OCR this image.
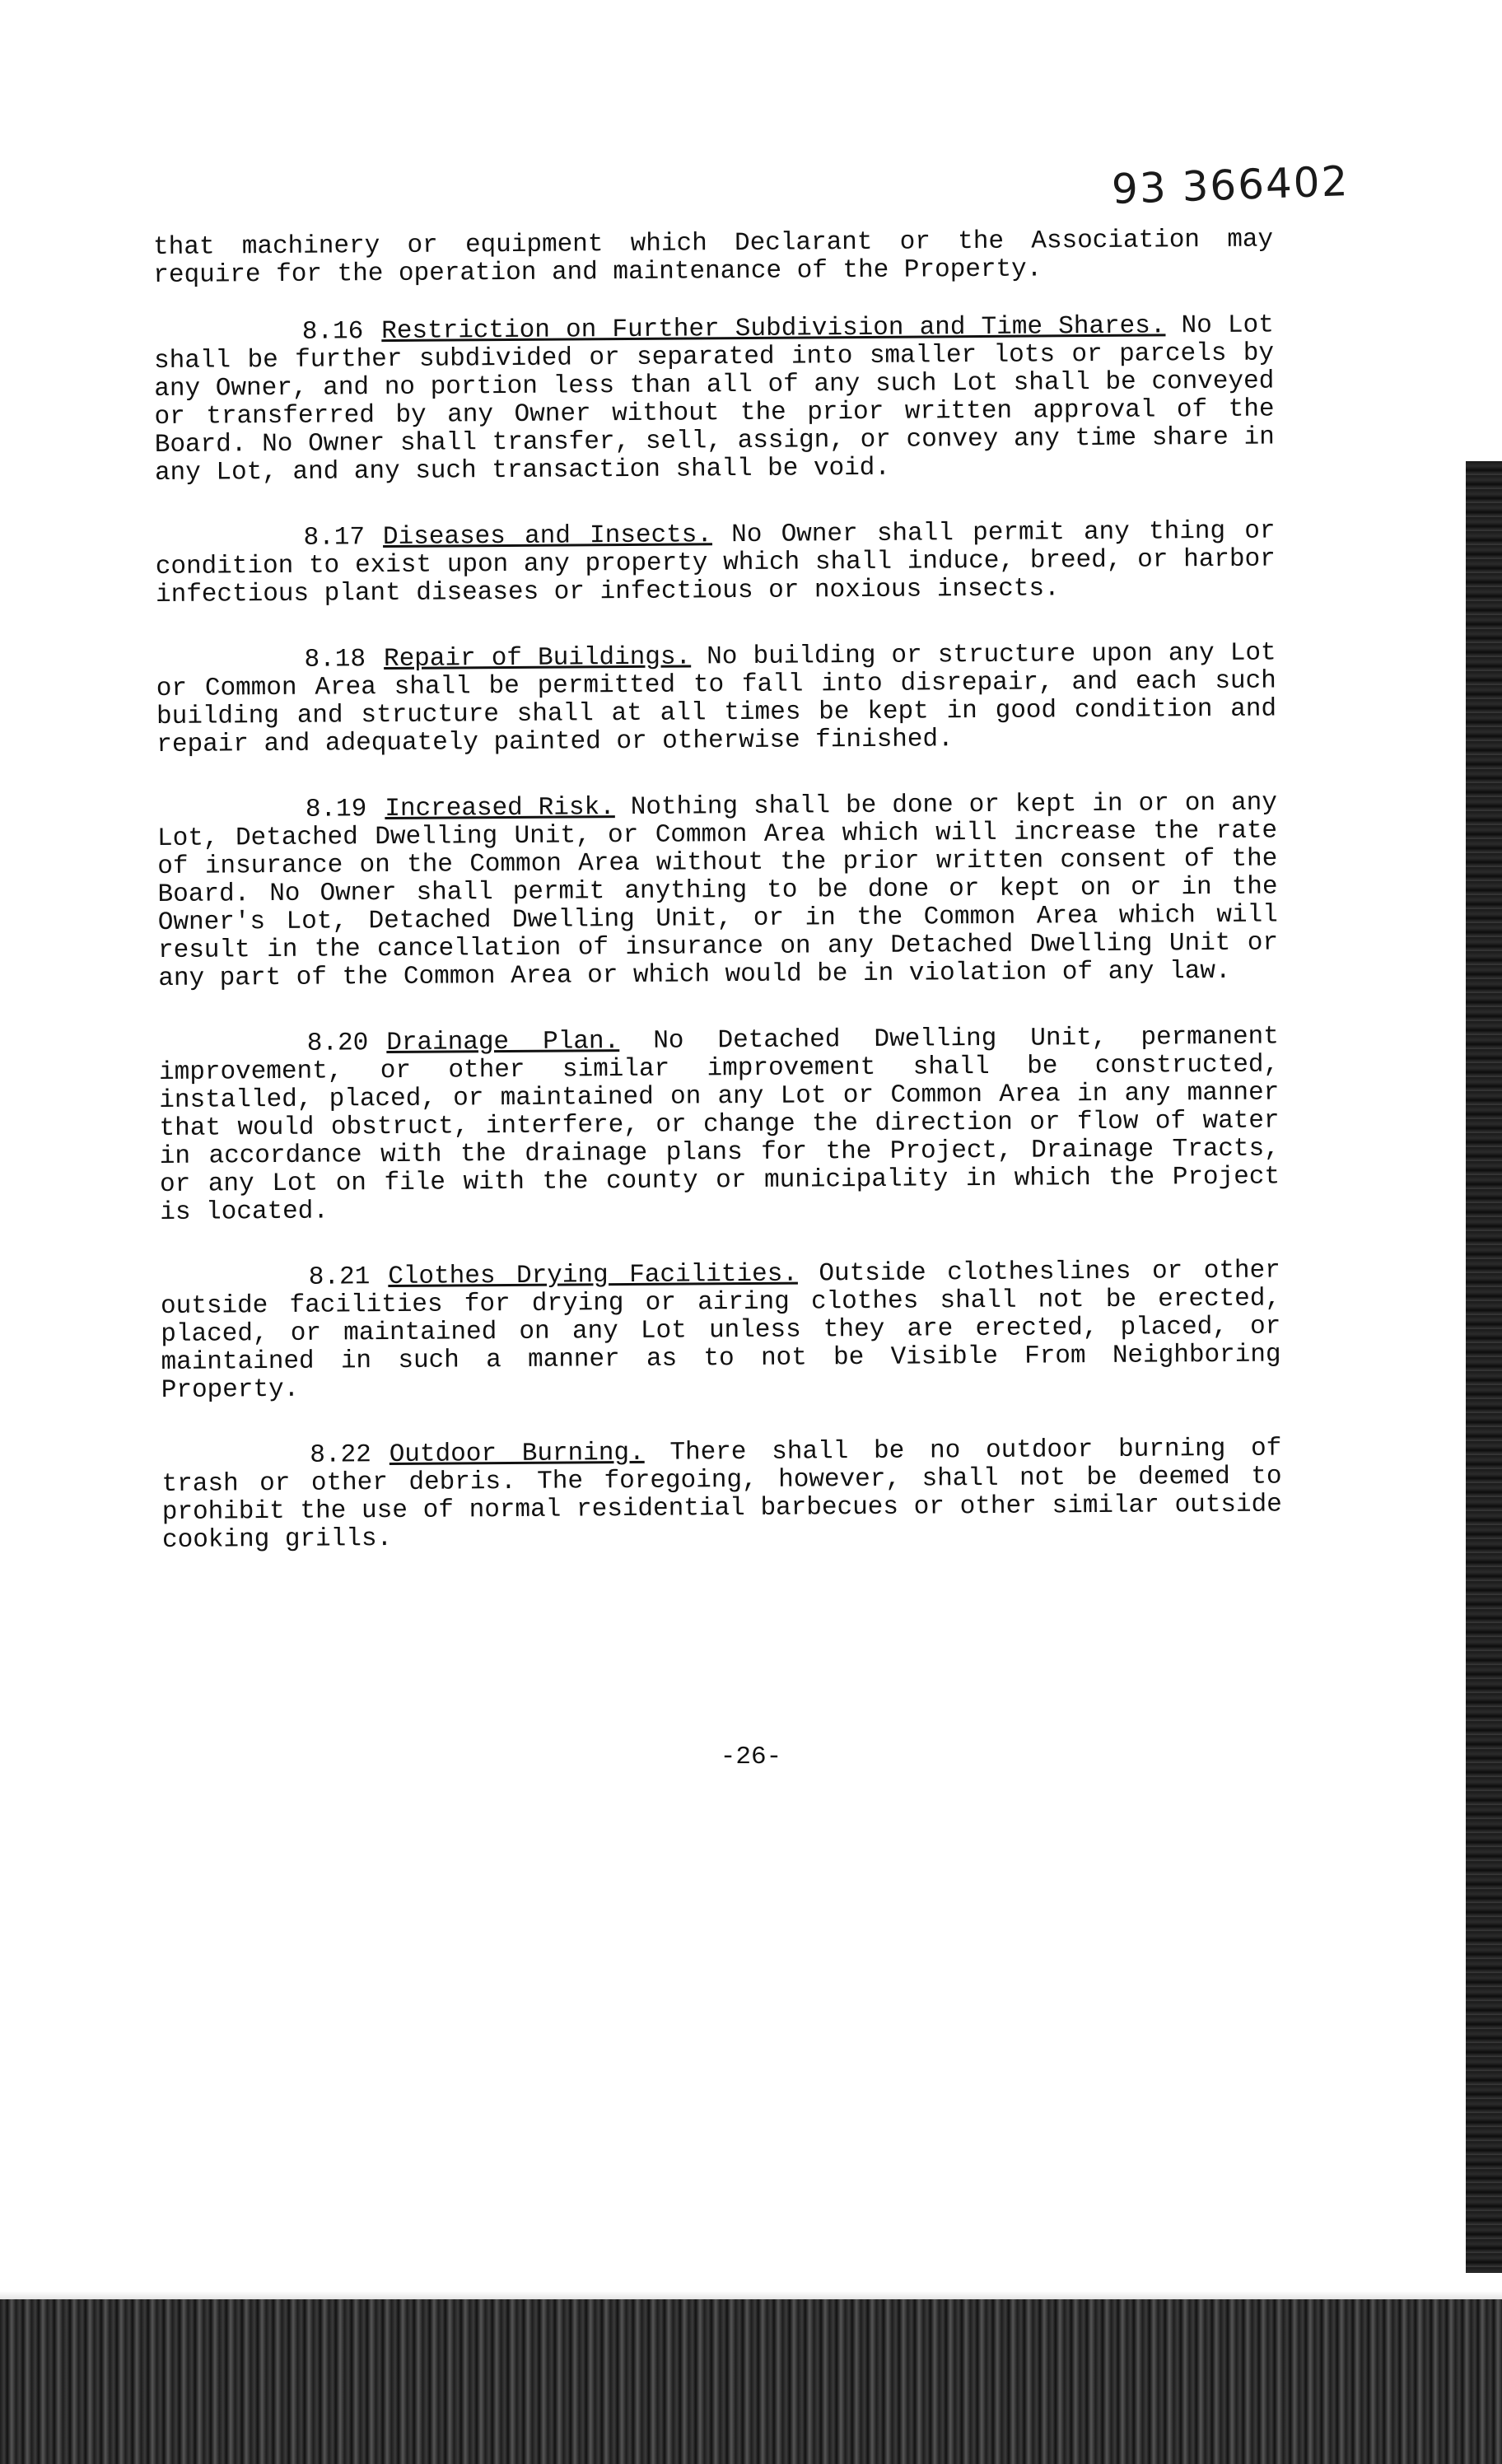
93 366402

that machinery or equipment which Declarant or the Association may require for the operation and maintenance of the Property.

8.16 Restriction on Further Subdivision and Time Shares. No Lot shall be further subdivided or separated into smaller lots or parcels by any Owner, and no portion less than all of any such Lot shall be conveyed or transferred by any Owner without the prior written approval of the Board. No Owner shall transfer, sell, assign, or convey any time share in any Lot, and any such transaction shall be void.

8.17 Diseases and Insects. No Owner shall permit any thing or condition to exist upon any property which shall induce, breed, or harbor infectious plant diseases or infectious or noxious insects.

8.18 Repair of Buildings. No building or structure upon any Lot or Common Area shall be permitted to fall into disrepair, and each such building and structure shall at all times be kept in good condition and repair and adequately painted or otherwise finished.

8.19 Increased Risk. Nothing shall be done or kept in or on any Lot, Detached Dwelling Unit, or Common Area which will increase the rate of insurance on the Common Area without the prior written consent of the Board. No Owner shall permit anything to be done or kept on or in the Owner's Lot, Detached Dwelling Unit, or in the Common Area which will result in the cancellation of insurance on any Detached Dwelling Unit or any part of the Common Area or which would be in violation of any law.

8.20 Drainage Plan. No Detached Dwelling Unit, permanent improvement, or other similar improvement shall be constructed, installed, placed, or maintained on any Lot or Common Area in any manner that would obstruct, interfere, or change the direction or flow of water in accordance with the drainage plans for the Project, Drainage Tracts, or any Lot on file with the county or municipality in which the Project is located.

8.21 Clothes Drying Facilities. Outside clotheslines or other outside facilities for drying or airing clothes shall not be erected, placed, or maintained on any Lot unless they are erected, placed, or maintained in such a manner as to not be Visible From Neighboring Property.

8.22 Outdoor Burning. There shall be no outdoor burning of trash or other debris. The foregoing, however, shall not be deemed to prohibit the use of normal residential barbecues or other similar outside cooking grills.

-26-
